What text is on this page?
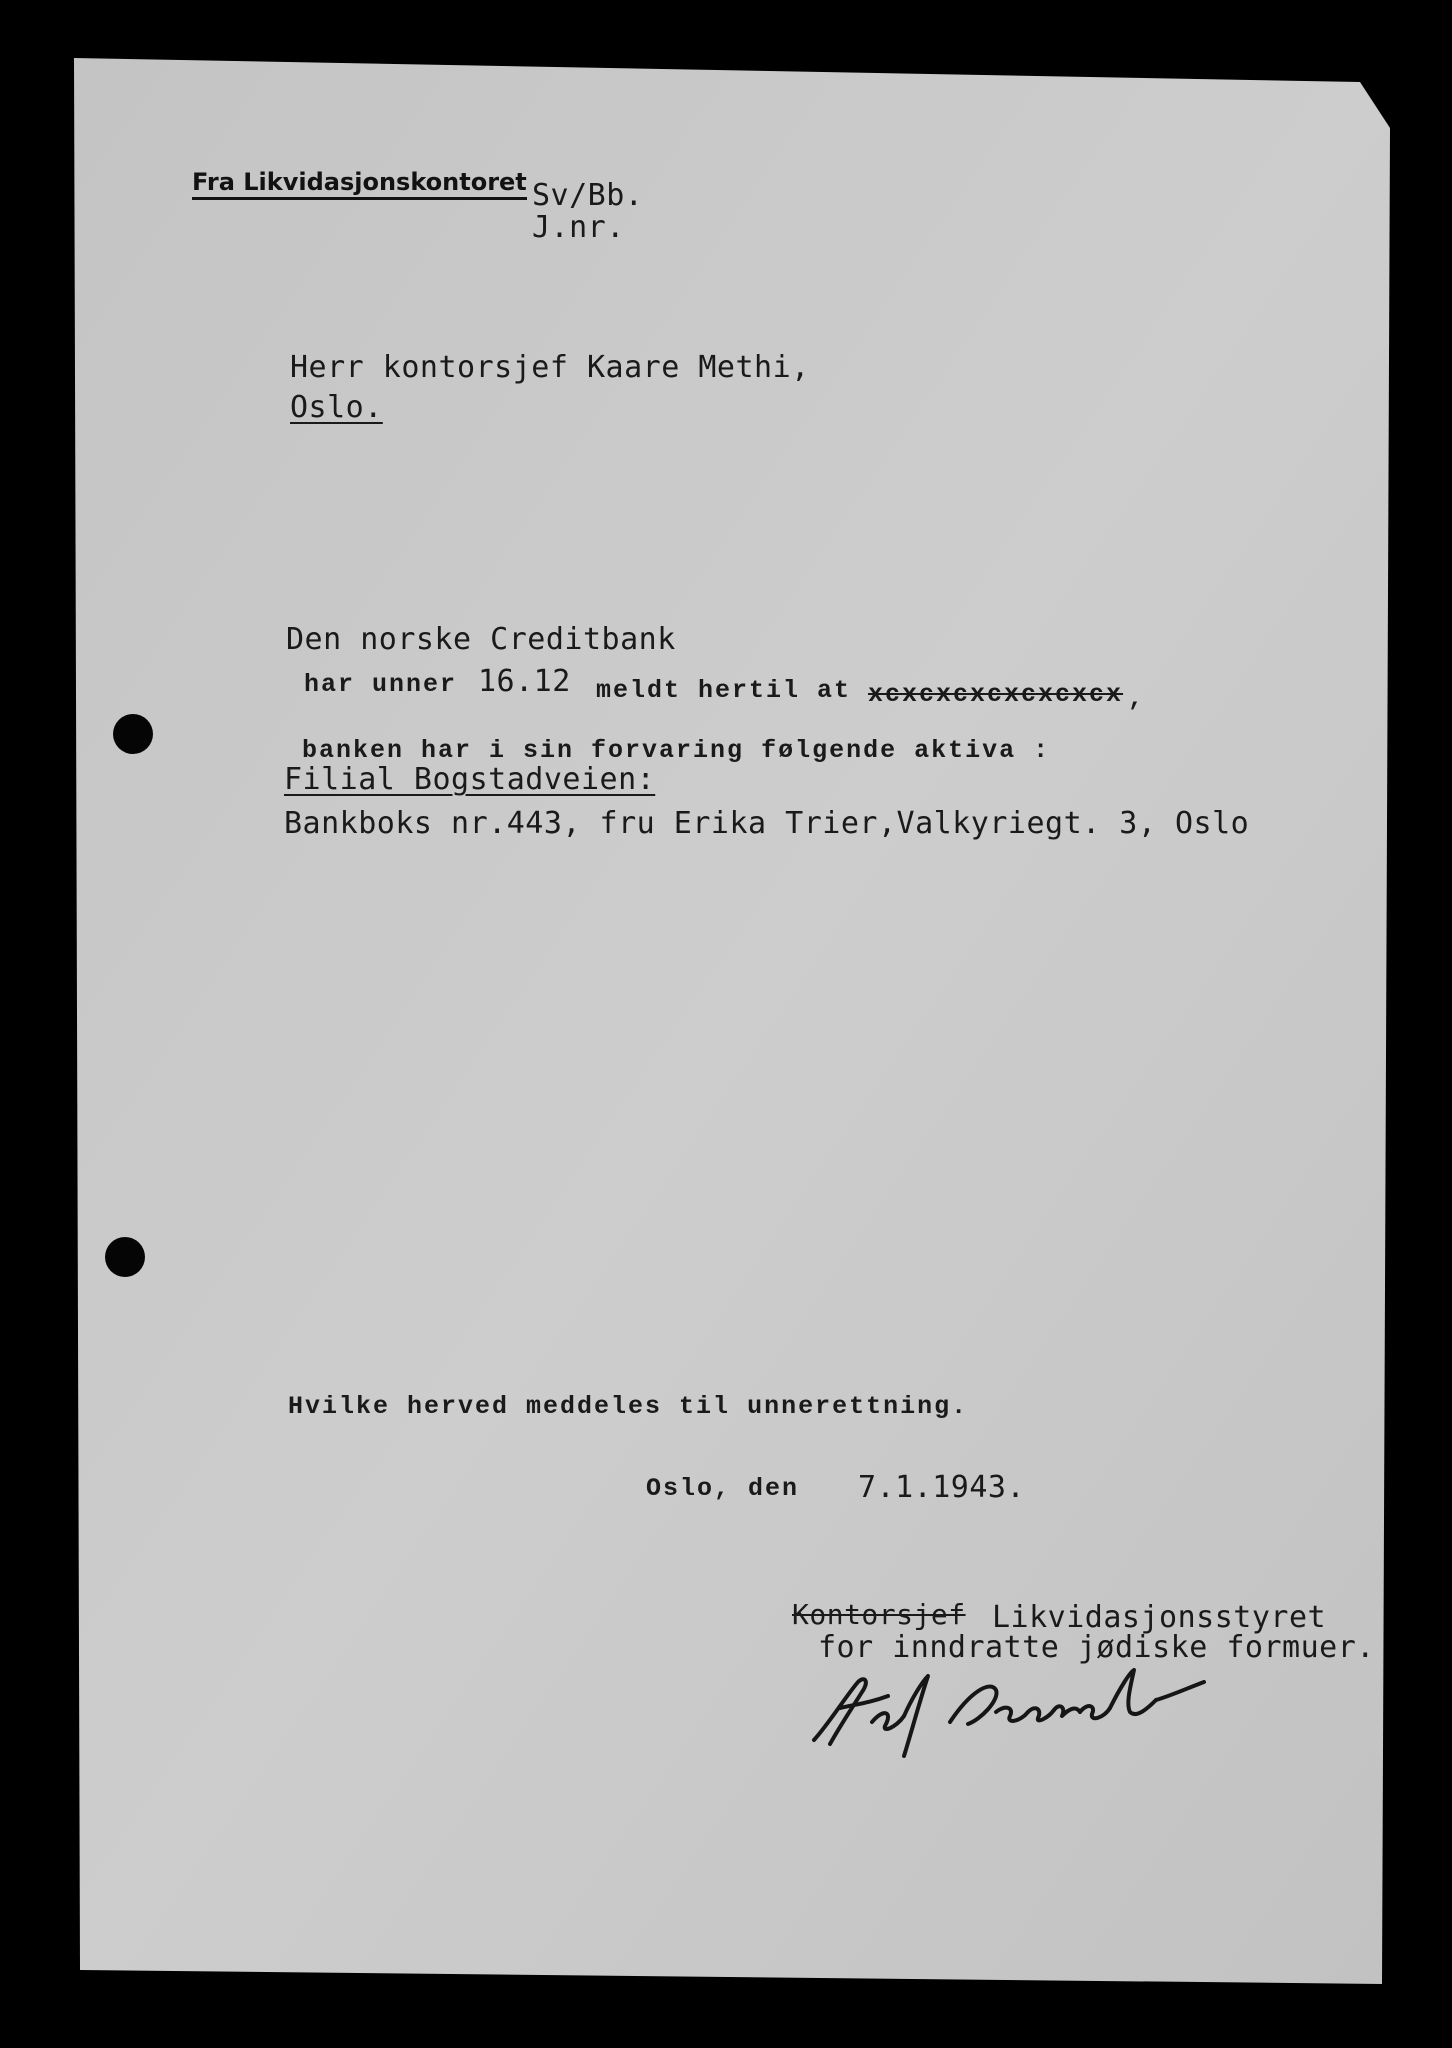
Fra Likvidasjonskontoret Sv/Bb.
J.nr.
Herr kontorsjef Kaare Methi,
Oslo.
Den norske Creditbank
har unner 16.12 meldt hertil at xcxcxcxcxcxcxcx ,
banken har i sin forvaring følgende aktiva :
Filial Bogstadveien:
Bankboks nr.443, fru Erika Trier,Valkyriegt. 3, Oslo
Hvilke herved meddeles til unnerettning.
Oslo, den 7.1.1943.
Kontorsjef Likvidasjonsstyret
for inndratte jødiske formuer.
